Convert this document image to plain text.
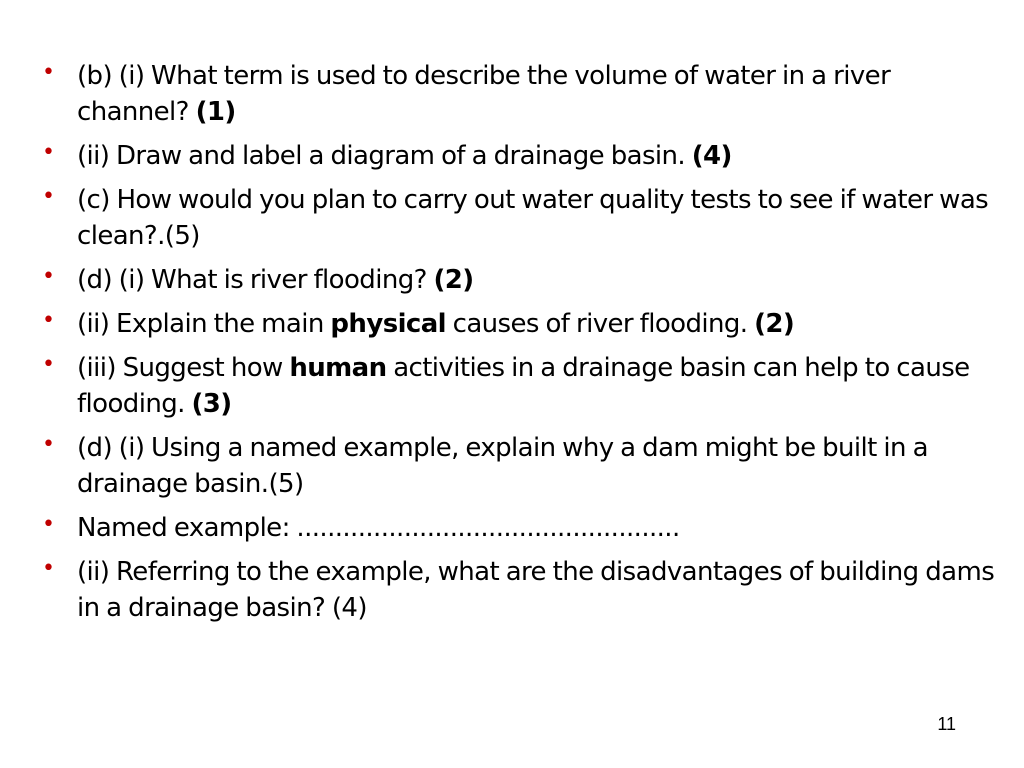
• (b) (i) What term is used to describe the volume of water in a river channel? (1)
• (ii) Draw and label a diagram of a drainage basin. (4)
• (c) How would you plan to carry out water quality tests to see if water was clean?.(5)
• (d) (i) What is river flooding? (2)
• (ii) Explain the main physical causes of river flooding. (2)
• (iii) Suggest how human activities in a drainage basin can help to cause flooding. (3)
• (d) (i) Using a named example, explain why a dam might be built in a drainage basin.(5)
• Named example: ..................................................
• (ii) Referring to the example, what are the disadvantages of building dams in a drainage basin? (4)
11
